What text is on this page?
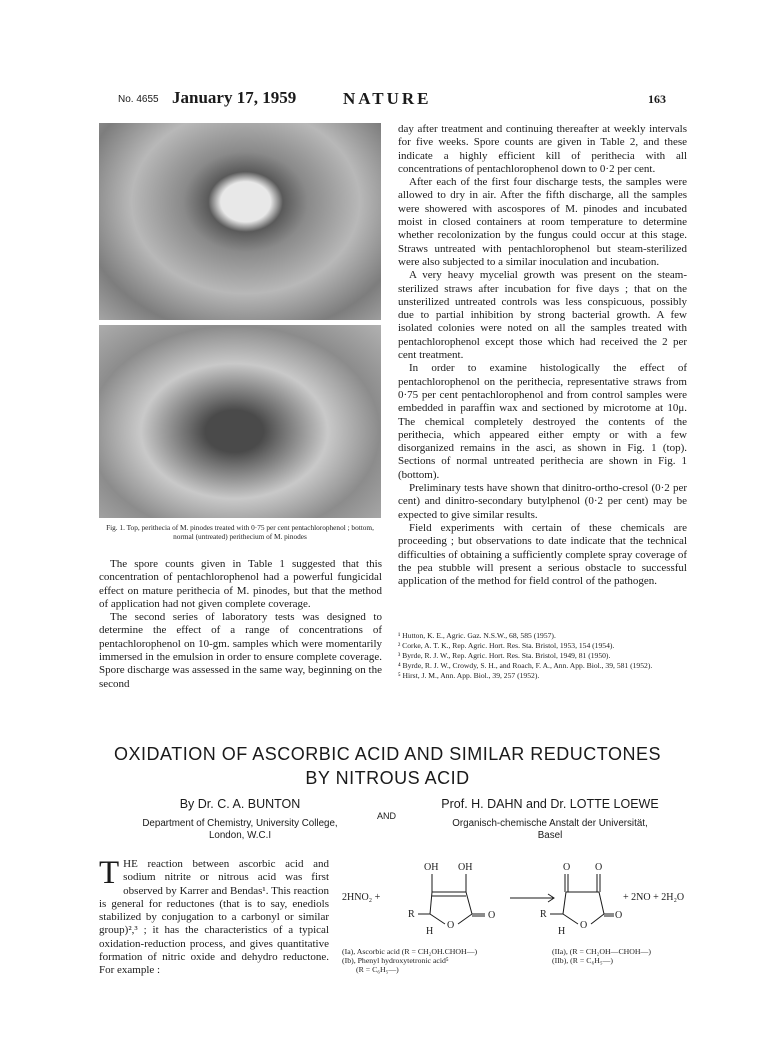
No. 4655 January 17, 1959	NATURE	163
Fig. 1. Top, perithecia of M. pinodes treated with 0·75 per cent pentachlorophenol ; bottom, normal (untreated) perithecium of M. pinodes

The spore counts given in Table 1 suggested that this concentration of pentachlorophenol had a powerful fungicidal effect on mature perithecia of M. pinodes, but that the method of application had not given complete coverage.

The second series of laboratory tests was designed to determine the effect of a range of concentrations of pentachlorophenol on 10-gm. samples which were momentarily immersed in the emulsion in order to ensure complete coverage. Spore discharge was assessed in the same way, beginning on the second

day after treatment and continuing thereafter at weekly intervals for five weeks. Spore counts are given in Table 2, and these indicate a highly efficient kill of perithecia with all concentrations of pentachlorophenol down to 0·2 per cent.

After each of the first four discharge tests, the samples were allowed to dry in air. After the fifth discharge, all the samples were showered with ascospores of M. pinodes and incubated moist in closed containers at room temperature to determine whether recolonization by the fungus could occur at this stage. Straws untreated with pentachlorophenol but steam-sterilized were also subjected to a similar inoculation and incubation.

A very heavy mycelial growth was present on the steam-sterilized straws after incubation for five days ; that on the unsterilized untreated controls was less conspicuous, possibly due to partial inhibition by strong bacterial growth. A few isolated colonies were noted on all the samples treated with pentachlorophenol except those which had received the 2 per cent treatment.

In order to examine histologically the effect of pentachlorophenol on the perithecia, representative straws from 0·75 per cent pentachlorophenol and from control samples were embedded in paraffin wax and sectioned by microtome at 10μ. The chemical completely destroyed the contents of the perithecia, which appeared either empty or with a few disorganized remains in the asci, as shown in Fig. 1 (top). Sections of normal untreated perithecia are shown in Fig. 1 (bottom).

Preliminary tests have shown that dinitro-ortho-cresol (0·2 per cent) and dinitro-secondary butylphenol (0·2 per cent) may be expected to give similar results.

Field experiments with certain of these chemicals are proceeding ; but observations to date indicate that the technical difficulties of obtaining a sufficiently complete spray coverage of the pea stubble will present a serious obstacle to successful application of the method for field control of the pathogen.

¹ Hutton, K. E., Agric. Gaz. N.S.W., 68, 585 (1957).
² Corke, A. T. K., Rep. Agric. Hort. Res. Sta. Bristol, 1953, 154 (1954).
³ Byrde, R. J. W., Rep. Agric. Hort. Res. Sta. Bristol, 1949, 81 (1950).
⁴ Byrde, R. J. W., Crowdy, S. H., and Roach, F. A., Ann. App. Biol., 39, 581 (1952).
⁵ Hirst, J. M., Ann. App. Biol., 39, 257 (1952).
OXIDATION OF ASCORBIC ACID AND SIMILAR REDUCTONES
BY NITROUS ACID
By Dr. C. A. BUNTON
Department of Chemistry, University College,
London, W.C.I
AND
Prof. H. DAHN and Dr. LOTTE LOEWE
Organisch-chemische Anstalt der Universität,
Basel
THE reaction between ascorbic acid and sodium nitrite or nitrous acid was first observed by Karrer and Bendas¹. This reaction is general for reductones (that is to say, enediols stabilized by conjugation to a carbonyl or similar group)²,³ ; it has the characteristics of a typical oxidation-reduction process, and gives quantitative formation of nitric oxide and dehydro reductone. For example :
2HNO₂ +
OH OH
R
O
O
H
O O
R
O
O
H
+ 2NO + 2H₂O
(Ia), Ascorbic acid (R = CH₂OH.CHOH—)
(Ib), Phenyl hydroxytetronic acid⁵
(R = C₆H₅—)
(IIa), (R = CH₂OH—CHOH—)
(IIb), (R = C₆H₅—)
